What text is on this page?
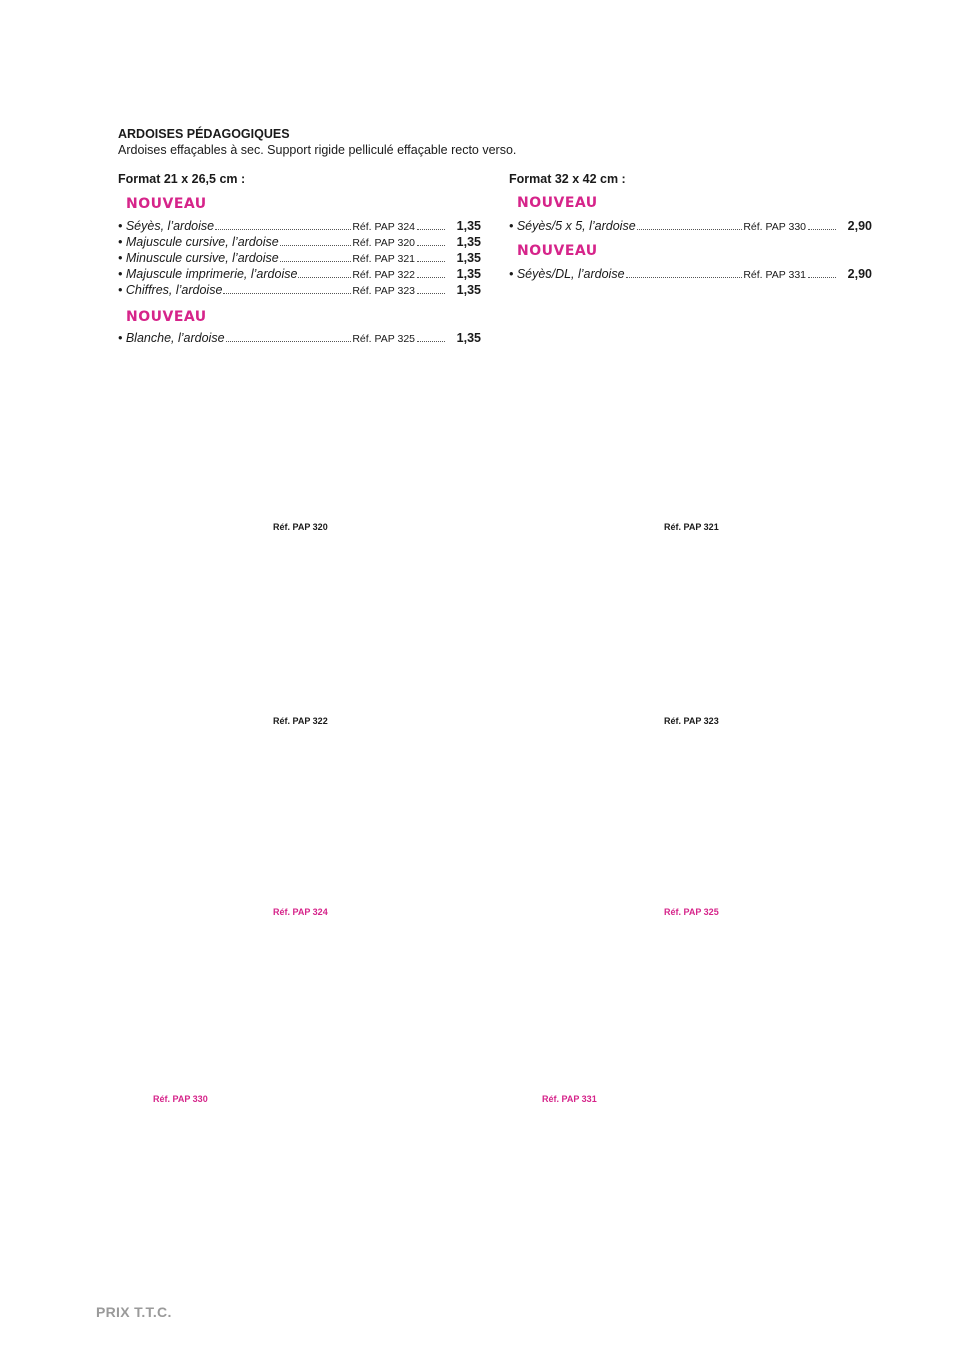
ARDOISES PÉDAGOGIQUES
Ardoises effaçables à sec. Support rigide pelliculé effaçable recto verso.
Format 21 x 26,5 cm :
NOUVEAU
• Séyès, l’ardoise	Réf. PAP 324	1,35
• Majuscule cursive, l’ardoise	Réf. PAP 320	1,35
• Minuscule cursive, l’ardoise	Réf. PAP 321	1,35
• Majuscule imprimerie, l’ardoise	Réf. PAP 322	1,35
• Chiffres, l’ardoise	Réf. PAP 323	1,35
NOUVEAU
• Blanche, l’ardoise	Réf. PAP 325	1,35
Format 32 x 42 cm :
NOUVEAU
• Séyès/5 x 5, l’ardoise	Réf. PAP 330	2,90
NOUVEAU
• Séyès/DL, l’ardoise	Réf. PAP 331	2,90
Réf. PAP 320	Réf. PAP 321
Réf. PAP 322	Réf. PAP 323
Réf. PAP 324	Réf. PAP 325
Réf. PAP 330	Réf. PAP 331
PRIX T.T.C.
